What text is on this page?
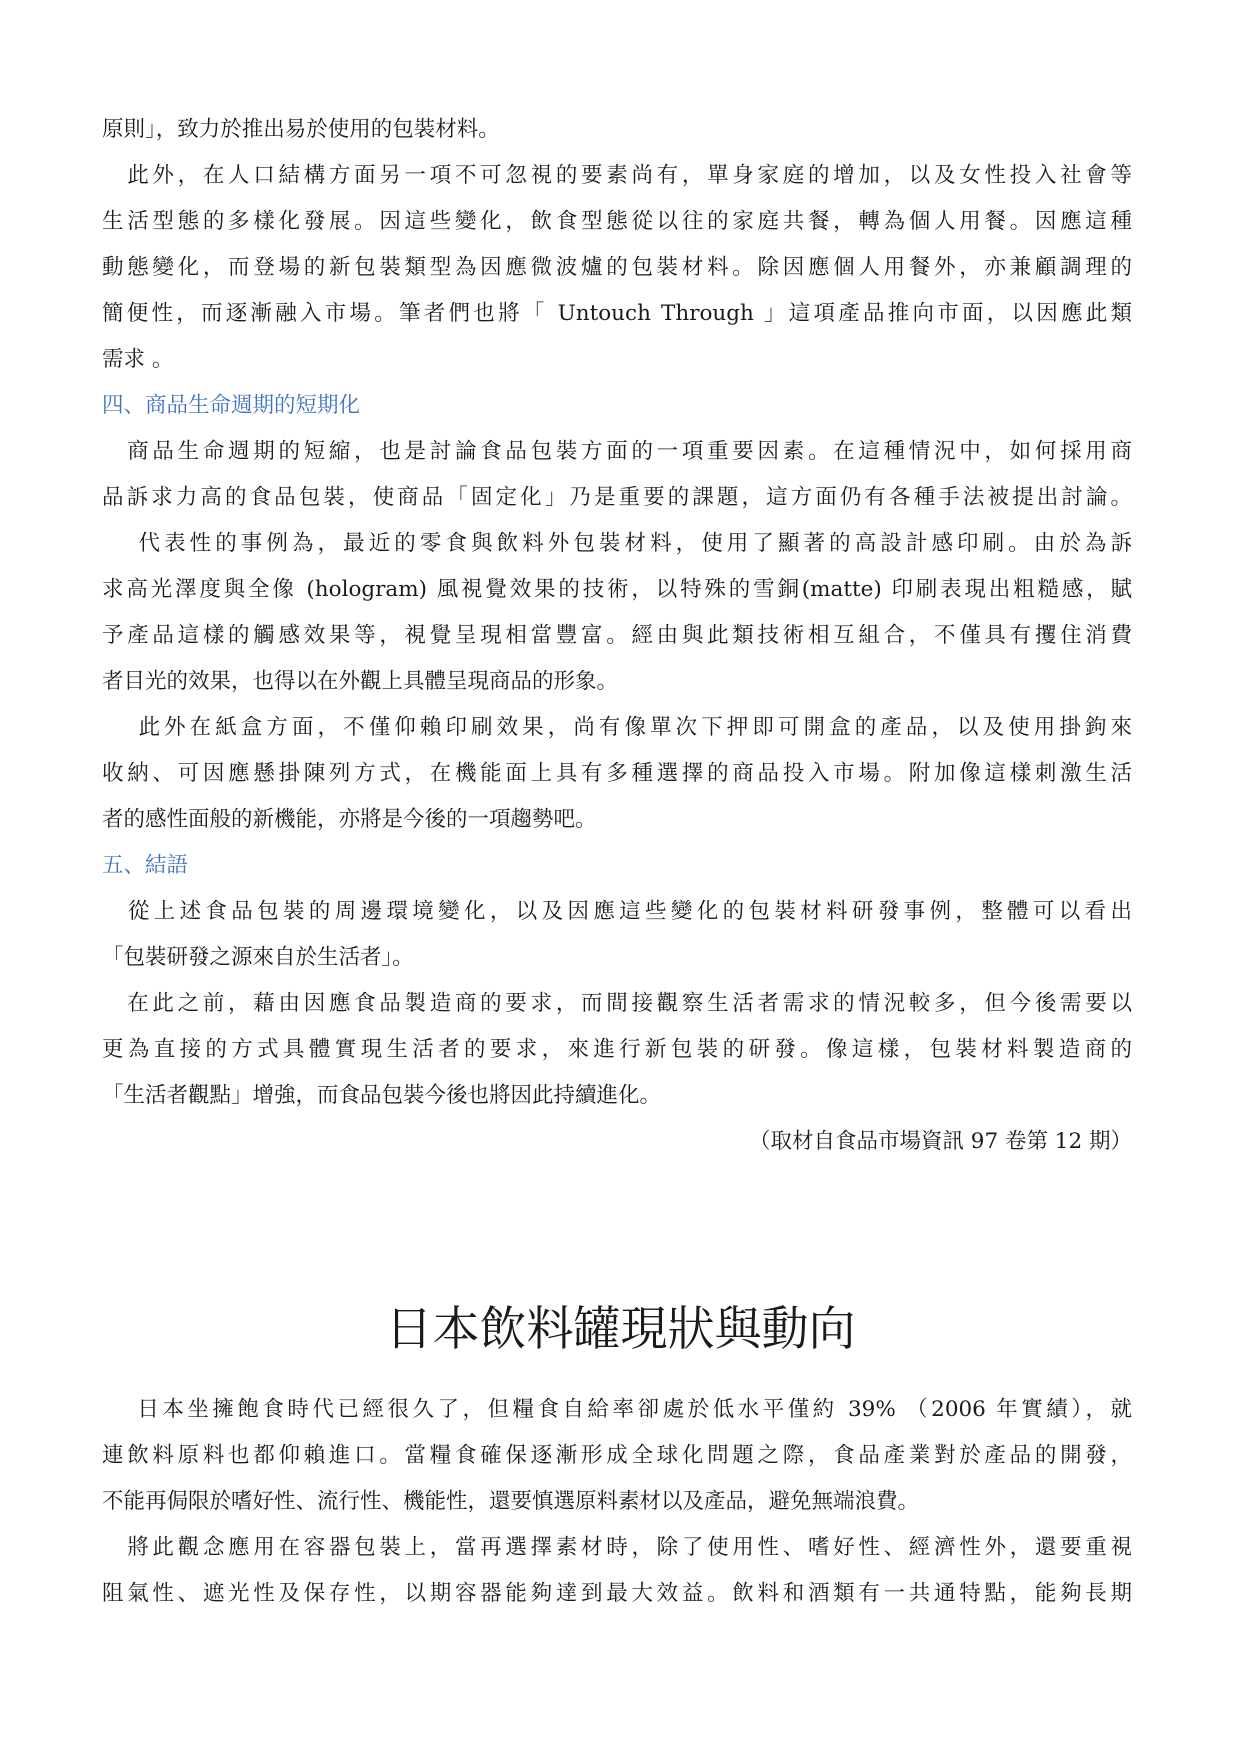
原則」，致力於推出易於使用的包裝材料。
　此外，在人口結構方面另一項不可忽視的要素尚有，單身家庭的增加，以及女性投入社會等
生活型態的多樣化發展。因這些變化，飲食型態從以往的家庭共餐，轉為個人用餐。因應這種
動態變化，而登場的新包裝類型為因應微波爐的包裝材料。除因應個人用餐外，亦兼顧調理的
簡便性，而逐漸融入市場。筆者們也將「 Untouch Through 」這項產品推向市面，以因應此類
需求 。
四、商品生命週期的短期化
　商品生命週期的短縮，也是討論食品包裝方面的一項重要因素。在這種情況中，如何採用商
品訴求力高的食品包裝，使商品「固定化」乃是重要的課題，這方面仍有各種手法被提出討論。
　 代表性的事例為，最近的零食與飲料外包裝材料，使用了顯著的高設計感印刷。由於為訴
求高光澤度與全像 (hologram) 風視覺效果的技術，以特殊的雪銅(matte) 印刷表現出粗糙感，賦
予產品這樣的觸感效果等，視覺呈現相當豐富。經由與此類技術相互組合，不僅具有攫住消費
者目光的效果，也得以在外觀上具體呈現商品的形象。
　 此外在紙盒方面，不僅仰賴印刷效果，尚有像單次下押即可開盒的產品，以及使用掛鉤來
收納、可因應懸掛陳列方式，在機能面上具有多種選擇的商品投入市場。附加像這樣刺激生活
者的感性面般的新機能，亦將是今後的一項趨勢吧。
五、結語
　從上述食品包裝的周邊環境變化，以及因應這些變化的包裝材料研發事例，整體可以看出
「包裝研發之源來自於生活者」。
　在此之前，藉由因應食品製造商的要求，而間接觀察生活者需求的情況較多，但今後需要以
更為直接的方式具體實現生活者的要求，來進行新包裝的研發。像這樣，包裝材料製造商的
「生活者觀點」增強，而食品包裝今後也將因此持續進化。
（取材自食品市場資訊 97 卷第 12 期）
日本飲料罐現狀與動向
　 日本坐擁飽食時代已經很久了，但糧食自給率卻處於低水平僅約 39% （2006 年實績），就
連飲料原料也都仰賴進口。當糧食確保逐漸形成全球化問題之際，食品產業對於產品的開發，
不能再侷限於嗜好性、流行性、機能性，還要慎選原料素材以及產品，避免無端浪費。
　將此觀念應用在容器包裝上，當再選擇素材時，除了使用性、嗜好性、經濟性外，還要重視
阻氣性、遮光性及保存性，以期容器能夠達到最大效益。飲料和酒類有一共通特點，能夠長期
